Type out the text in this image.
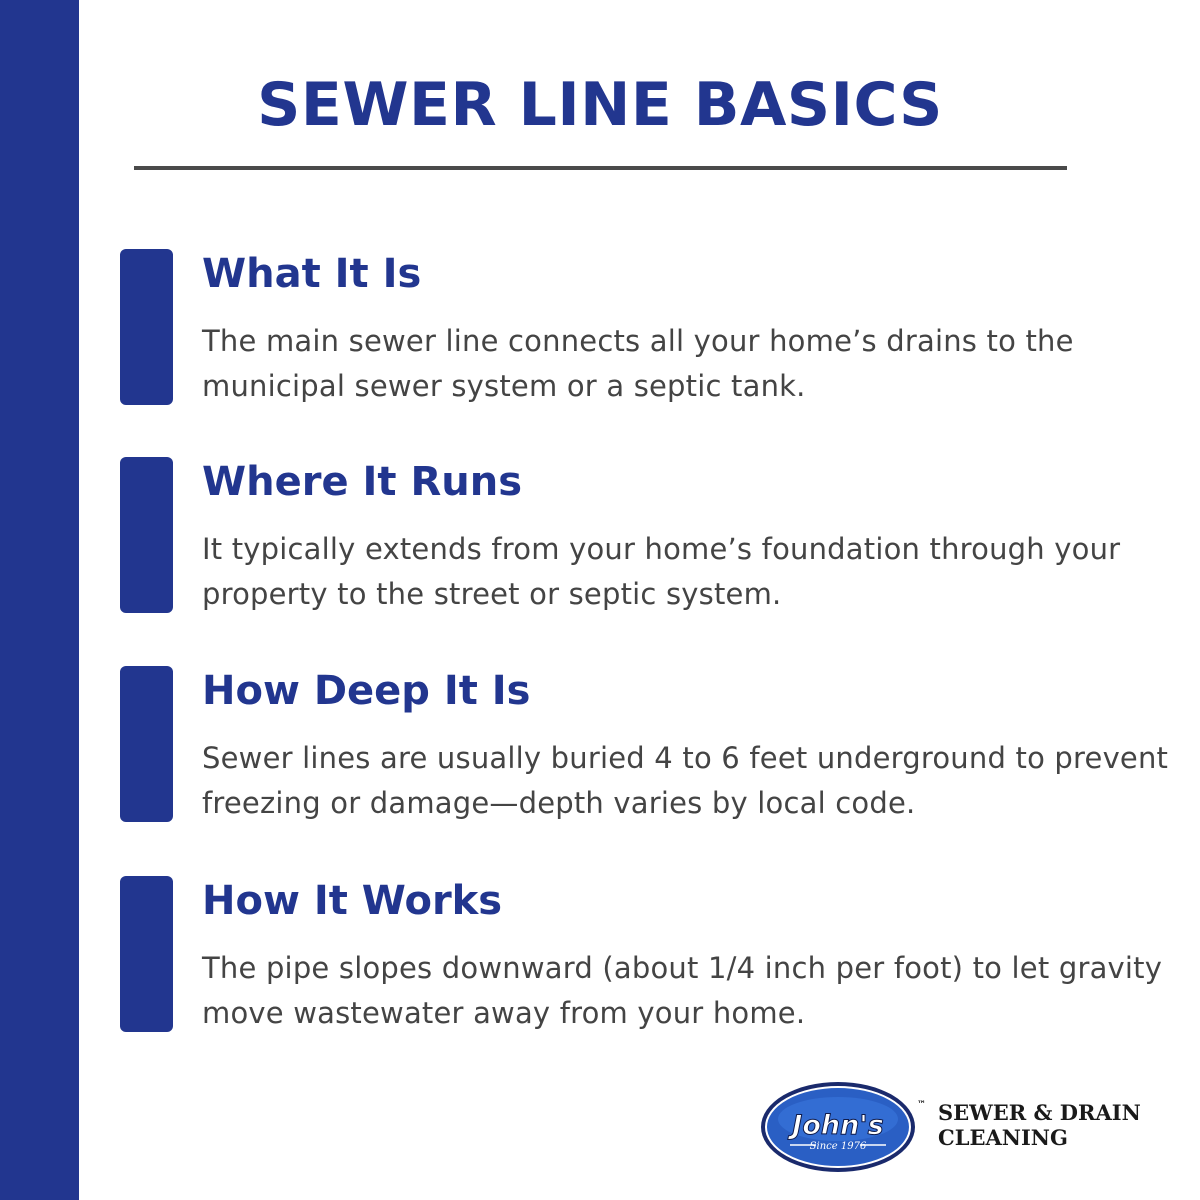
SEWER LINE BASICS
What It Is

The main sewer line connects all your home’s drains to the municipal sewer system or a septic tank.

Where It Runs

It typically extends from your home’s foundation through your property to the street or septic system.

How Deep It Is

Sewer lines are usually buried 4 to 6 feet underground to prevent freezing or damage—depth varies by local code.

How It Works

The pipe slopes downward (about 1/4 inch per foot) to let gravity move wastewater away from your home.

John's
Since 1976
™ SEWER & DRAIN
CLEANING
